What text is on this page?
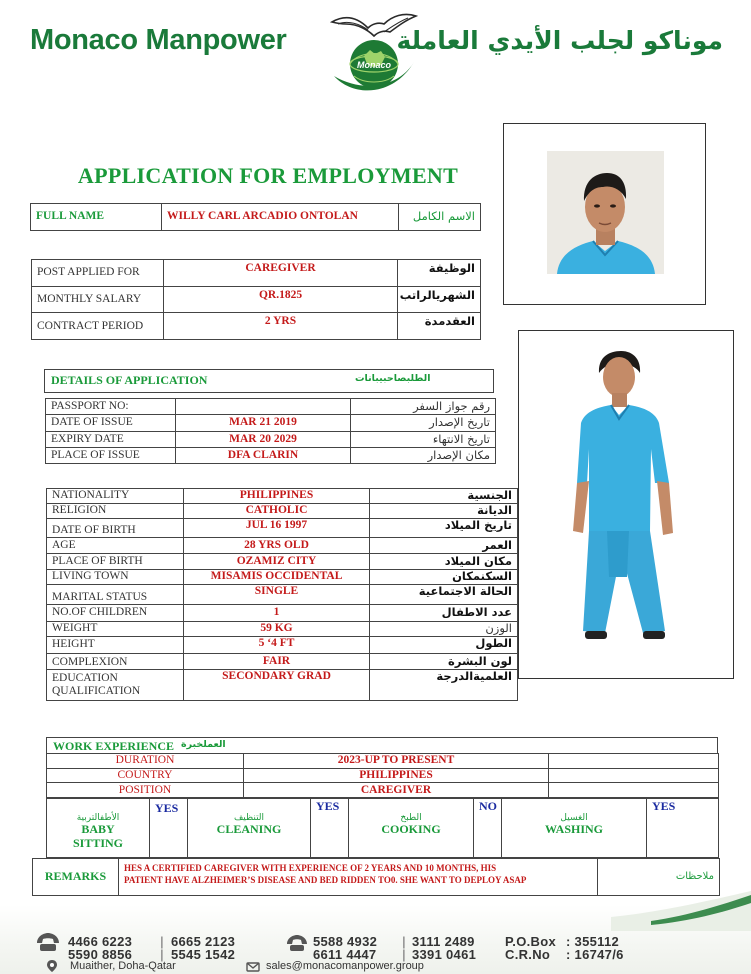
Monaco Manpower
Monaco
موناكو لجلب الأيدي العاملة
APPLICATION FOR EMPLOYMENT
FULL NAME	WILLY CARL ARCADIO ONTOLAN	الاسم الكامل
POST APPLIED FOR	CAREGIVER	الوظيفة
MONTHLY SALARY	QR.1825	الشهريالراتب
CONTRACT PERIOD	2 YRS	العقدمدة
DETAILS OF APPLICATION	الطلبصاحبيبانات
PASSPORT NO:		رقم جواز السفر
DATE OF ISSUE	MAR 21 2019	تاريخ الإصدار
EXPIRY DATE	MAR 20 2029	تاريخ الانتهاء
PLACE OF ISSUE	DFA CLARIN	مكان الإصدار
NATIONALITY	PHILIPPINES	الجنسية
RELIGION	CATHOLIC	الديانة
DATE OF BIRTH	JUL 16 1997	تاريخ الميلاد
AGE	28 YRS OLD	العمر
PLACE OF BIRTH	OZAMIZ CITY	مكان الميلاد
LIVING TOWN	MISAMIS OCCIDENTAL	السكنمكان
MARITAL STATUS	SINGLE	الحالة الاجتماعية
NO.OF CHILDREN	1	عدد الاطفال
WEIGHT	59 KG	الوزن
HEIGHT	5 ‘4 FT	الطول
COMPLEXION	FAIR	لون البشرة

EDUCATION
QUALIFICATION	SECONDARY GRAD	العلميةالدرجة
WORK EXPERIENCE العملخبرة
DURATION	2023-UP TO PRESENT	
COUNTRY	PHILIPPINES	
POSITION	CAREGIVER	
الأطفالتربية
BABY
SITTING
	YES	
التنظيف
CLEANING
	YES	
الطبخ
COOKING
	NO	
الغسيل
WASHING
	YES
REMARKS	
HES A CERTIFIED CAREGIVER WITH EXPERIENCE OF 2 YEARS AND 10 MONTHS, HIS
PATIENT HAVE ALZHEIMER’S DISEASE AND BED RIDDEN TO0. SHE WANT TO DEPLOY ASAP	ملاحظات
4466 6223 | 6665 2123
5590 8856 | 5545 1542
5588 4932 | 3111 2489
6611 4447 | 3391 0461
P.O.Box : 355112
C.R.No : 16747/6
Muaither, Doha-Qatar	sales@monacomanpower.group
